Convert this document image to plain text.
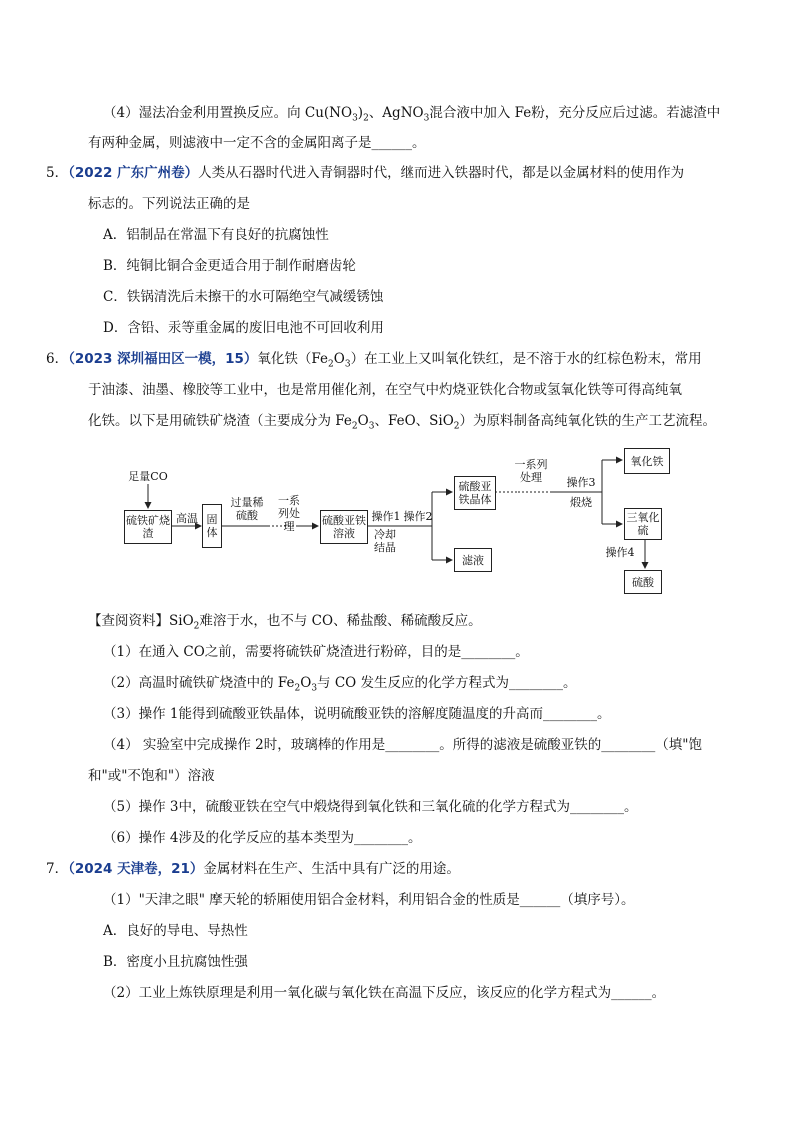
（4）湿法冶金利用置换反应。向 $Cu(NO_3)_2$、AgNO$_3$混合液中加入 Fe粉，充分反应后过滤。若滤渣中
有两种金属，则滤液中一定不含的金属阳离子是______。
5．（2022 广东广州卷）人类从石器时代进入青铜器时代，继而进入铁器时代，都是以金属材料的使用作为
标志的。下列说法正确的是
A．铝制品在常温下有良好的抗腐蚀性
B．纯铜比铜合金更适合用于制作耐磨齿轮
C．铁锅清洗后未擦干的水可隔绝空气减缓锈蚀
D．含铅、汞等重金属的废旧电池不可回收利用
6．（2023 深圳福田区一模，15）氧化铁$(Fe_2O_3)$在工业上又叫氧化铁红，是不溶于水的红棕色粉末，常用
于油漆、油墨、橡胶等工业中，也是常用催化剂，在空气中灼烧亚铁化合物或氢氧化铁等可得高纯氧
化铁。以下是用硫铁矿烧渣（主要成分为 $Fe_2O_3$、FeO、SiO$_2$）为原料制备高纯氧化铁的生产工艺流程。
足量CO
硫铁矿烧渣
高温 固体
过量稀硫酸
一系列处理	硫酸亚铁溶液
操作1
冷却结晶
操作2
硫酸亚铁晶体
滤液
一系列处理	操作3
煅烧
氧化铁
三氧化硫
操作4
硫酸
【查阅资料】SiO$_2$难溶于水，也不与 CO、稀盐酸、稀硫酸反应。
（1）在通入 CO之前，需要将硫铁矿烧渣进行粉碎，目的是________。
（2）高温时硫铁矿烧渣中的 $Fe_2O_3$与 CO 发生反应的化学方程式为________。
（3）操作 1能得到硫酸亚铁晶体，说明硫酸亚铁的溶解度随温度的升高而________。
（4） 实验室中完成操作 2时，玻璃棒的作用是________。所得的滤液是硫酸亚铁的________（填"饱
和"或"不饱和"）溶液
（5）操作 3中，硫酸亚铁在空气中煅烧得到氧化铁和三氧化硫的化学方程式为________。
（6）操作 4涉及的化学反应的基本类型为________。
7．（2024 天津卷，21）金属材料在生产、生活中具有广泛的用途。
（1）"天津之眼" 摩天轮的轿厢使用铝合金材料，利用铝合金的性质是______（填序号）。
A．良好的导电、导热性
B．密度小且抗腐蚀性强
（2）工业上炼铁原理是利用一氧化碳与氧化铁在高温下反应，该反应的化学方程式为______。
